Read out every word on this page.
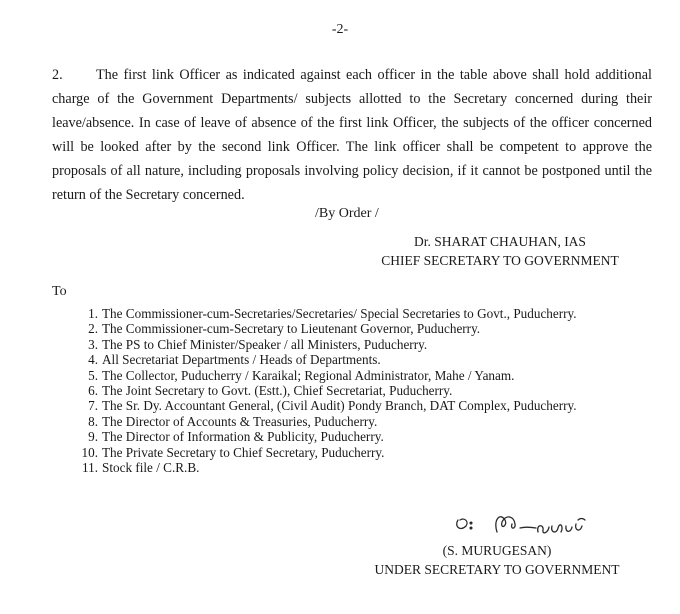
-2-
2. The first link Officer as indicated against each officer in the table above shall hold additional charge of the Government Departments/ subjects allotted to the Secretary concerned during their leave/absence. In case of leave of absence of the first link Officer, the subjects of the officer concerned will be looked after by the second link Officer. The link officer shall be competent to approve the proposals of all nature, including proposals involving policy decision, if it cannot be postponed until the return of the Secretary concerned.
/By Order /
Dr. SHARAT CHAUHAN, IAS
CHIEF SECRETARY TO GOVERNMENT
To
1. The Commissioner-cum-Secretaries/Secretaries/ Special Secretaries to Govt., Puducherry.
2. The Commissioner-cum-Secretary to Lieutenant Governor, Puducherry.
3. The PS to Chief Minister/Speaker / all Ministers, Puducherry.
4. All Secretariat Departments / Heads of Departments.
5. The Collector, Puducherry / Karaikal; Regional Administrator, Mahe / Yanam.
6. The Joint Secretary to Govt. (Estt.), Chief Secretariat, Puducherry.
7. The Sr. Dy. Accountant General, (Civil Audit) Pondy Branch, DAT Complex, Puducherry.
8. The Director of Accounts & Treasuries, Puducherry.
9. The Director of Information & Publicity, Puducherry.
10. The Private Secretary to Chief Secretary, Puducherry.
11. Stock file / C.R.B.
(S. MURUGESAN)
UNDER SECRETARY TO GOVERNMENT
